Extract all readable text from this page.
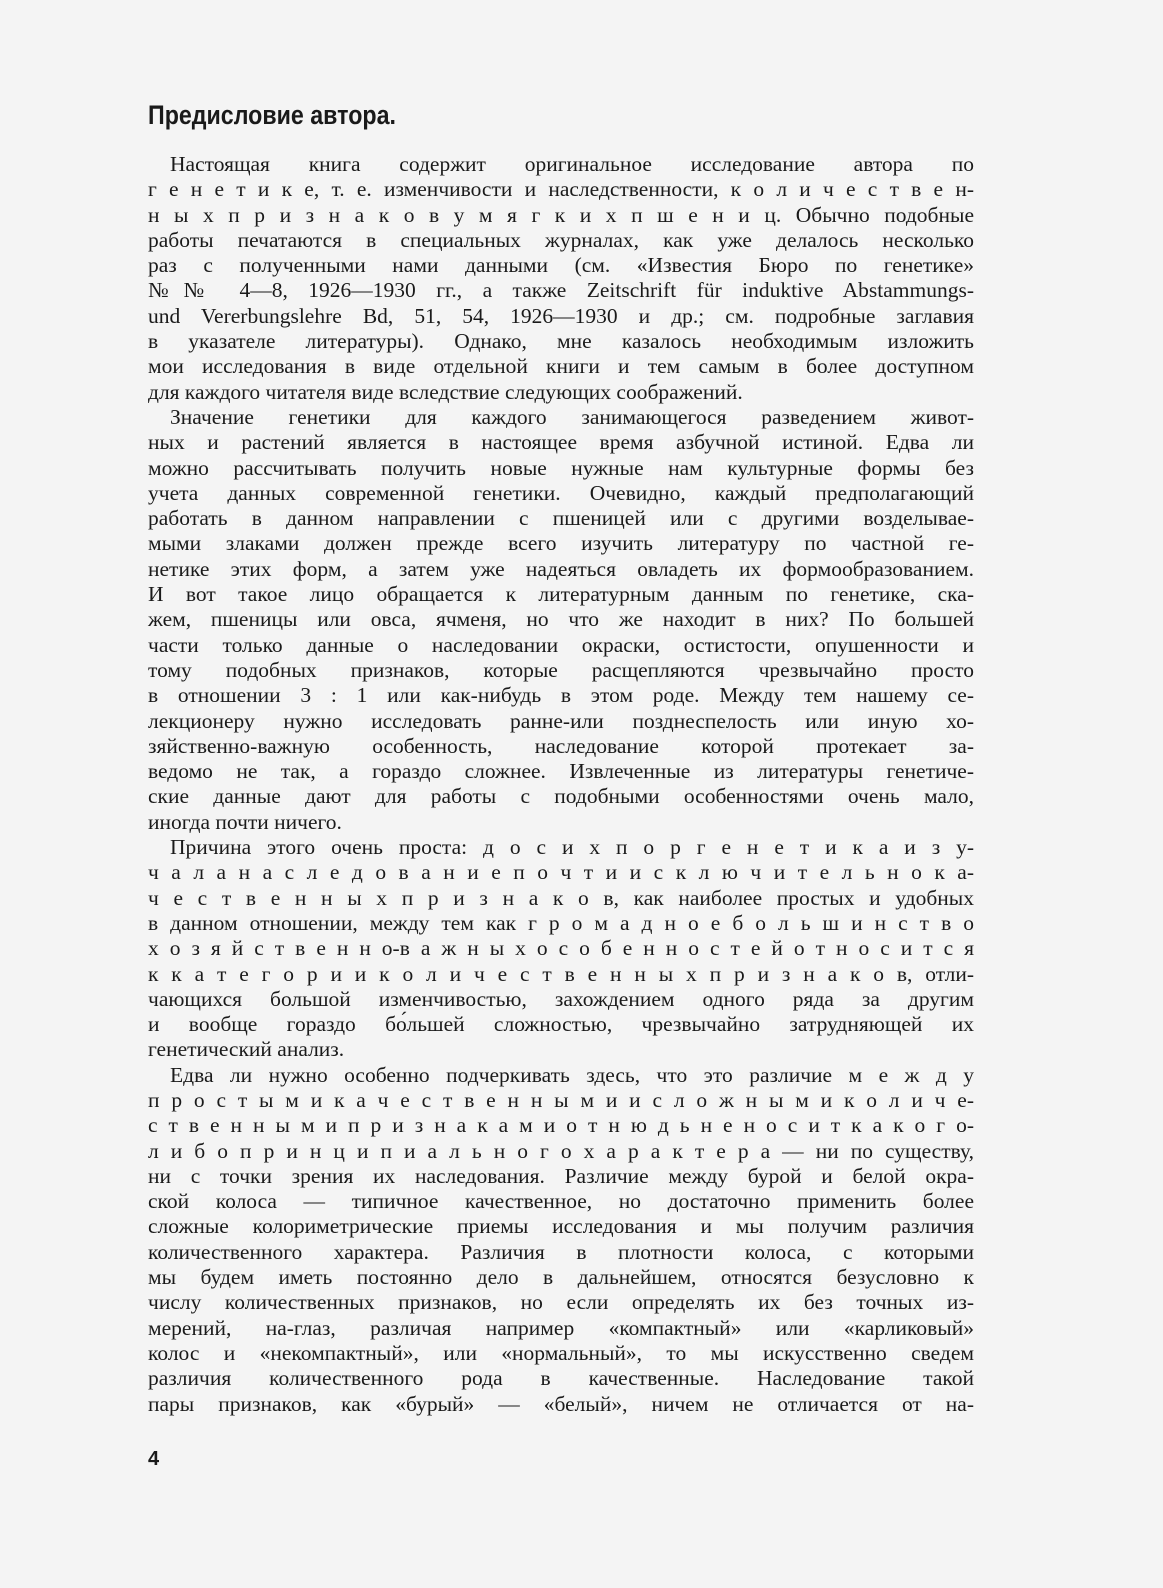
Предисловие автора.
Настоящая книга содержит оригинальное исследование автора по
г е н е т и к е, т. е. изменчивости и наследственности, к о л и ч е с т в е н-
н ы х п р и з н а к о в у м я г к и х п ш е н и ц. Обычно подобные
работы печатаются в специальных журналах, как уже делалось несколько
раз с полученными нами данными (см. «Известия Бюро по генетике»
№№ 4—8, 1926—1930 гг., а также Zeitschrift für induktive Abstammungs-
und Vererbungslehre Bd, 51, 54, 1926—1930 и др.; см. подробные заглавия
в указателе литературы). Однако, мне казалось необходимым изложить
мои исследования в виде отдельной книги и тем самым в более доступном
для каждого читателя виде вследствие следующих соображений.
Значение генетики для каждого занимающегося разведением живот-
ных и растений является в настоящее время азбучной истиной. Едва ли
можно рассчитывать получить новые нужные нам культурные формы без
учета данных современной генетики. Очевидно, каждый предполагающий
работать в данном направлении с пшеницей или с другими возделывае-
мыми злаками должен прежде всего изучить литературу по частной ге-
нетике этих форм, а затем уже надеяться овладеть их формообразованием.
И вот такое лицо обращается к литературным данным по генетике, ска-
жем, пшеницы или овса, ячменя, но что же находит в них? По большей
части только данные о наследовании окраски, остистости, опушенности и
тому подобных признаков, которые расщепляются чрезвычайно просто
в отношении 3 : 1 или как-нибудь в этом роде. Между тем нашему се-
лекционеру нужно исследовать ранне-или позднеспелость или иную хо-
зяйственно-важную особенность, наследование которой протекает за-
ведомо не так, а гораздо сложнее. Извлеченные из литературы генетиче-
ские данные дают для работы с подобными особенностями очень мало,
иногда почти ничего.
Причина этого очень проста: д о с и х п о р г е н е т и к а и з у-
ч а л а н а с л е д о в а н и е п о ч т и и с к л ю ч и т е л ь н о к а-
ч е с т в е н н ы х п р и з н а к о в, как наиболее простых и удобных
в данном отношении, между тем как г р о м а д н о е б о л ь ш и н с т в о
х о з я й с т в е н н о-в а ж н ы х о с о б е н н о с т е й о т н о с и т с я
к к а т е г о р и и к о л и ч е с т в е н н ы х п р и з н а к о в, отли-
чающихся большой изменчивостью, захождением одного ряда за другим
и вообще гораздо бо́льшей сложностью, чрезвычайно затрудняющей их
генетический анализ.
Едва ли нужно особенно подчеркивать здесь, что это различие м е ж д у
п р о с т ы м и к а ч е с т в е н н ы м и и с л о ж н ы м и к о л и ч е-
с т в е н н ы м и п р и з н а к а м и о т н ю д ь н е н о с и т к а к о г о-
л и б о п р и н ц и п и а л ь н о г о х а р а к т е р а — ни по существу,
ни с точки зрения их наследования. Различие между бурой и белой окра-
ской колоса — типичное качественное, но достаточно применить более
сложные колориметрические приемы исследования и мы получим различия
количественного характера. Различия в плотности колоса, с которыми
мы будем иметь постоянно дело в дальнейшем, относятся безусловно к
числу количественных признаков, но если определять их без точных из-
мерений, на-глаз, различая например «компактный» или «карликовый»
колос и «некомпактный», или «нормальный», то мы искусственно сведем
различия количественного рода в качественные. Наследование такой
пары признаков, как «бурый» — «белый», ничем не отличается от на-
4
